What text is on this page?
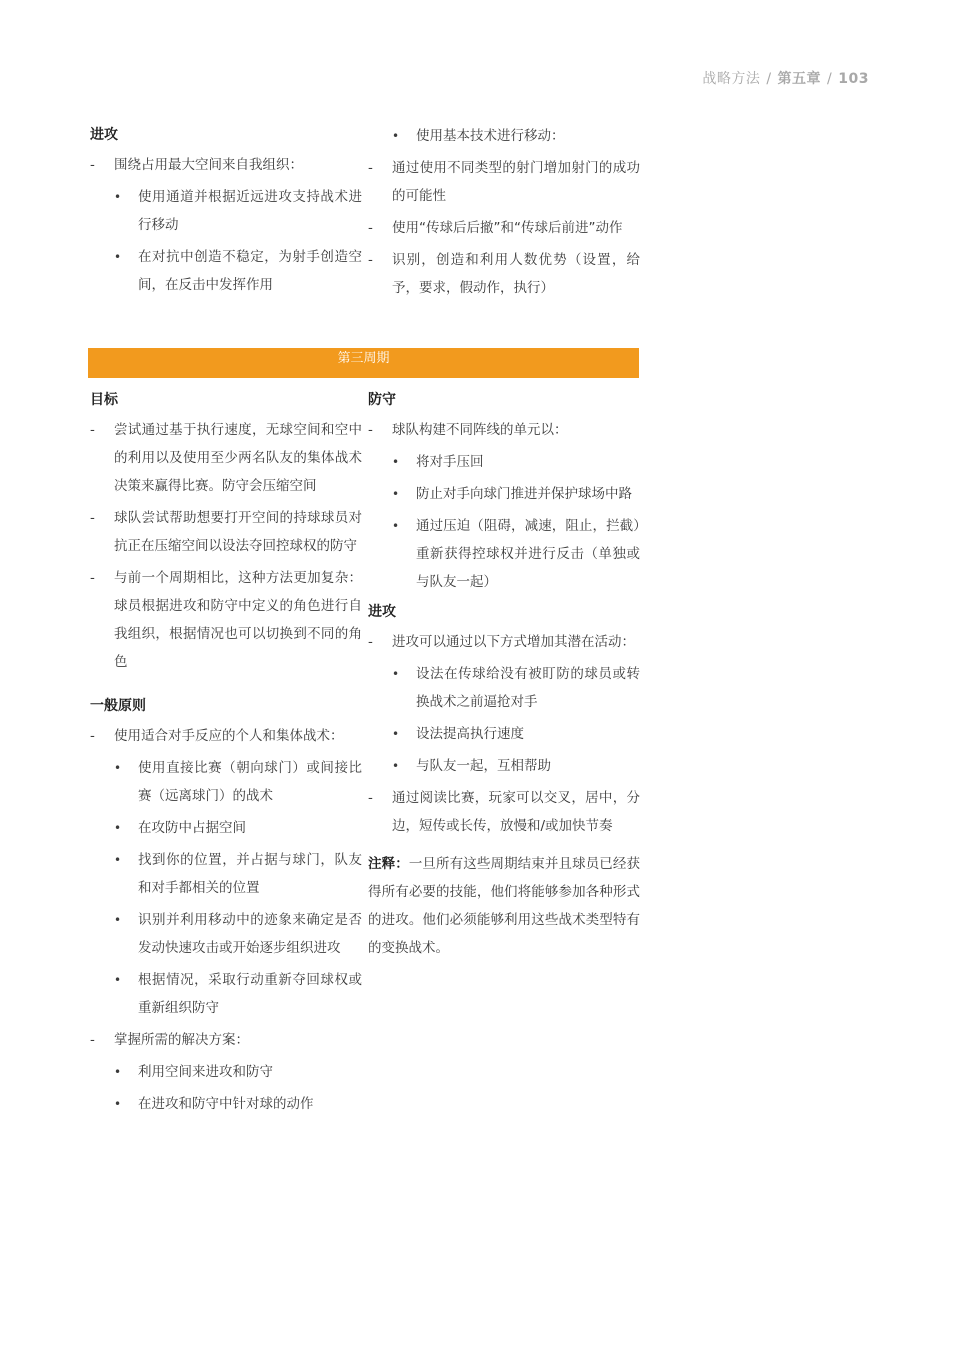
战略方法 / 第五章 / 103
进攻
- 围绕占用最大空间来自我组织：
• 使用通道并根据近远进攻支持战术进行移动
• 在对抗中创造不稳定，为射手创造空间，在反击中发挥作用
• 使用基本技术进行移动：
- 通过使用不同类型的射门增加射门的成功的可能性
- 使用“传球后后撤”和“传球后前进”动作
- 识别，创造和利用人数优势（设置，给予，要求，假动作，执行）
第三周期
目标
- 尝试通过基于执行速度，无球空间和空中的利用以及使用至少两名队友的集体战术决策来赢得比赛。防守会压缩空间
- 球队尝试帮助想要打开空间的持球球员对抗正在压缩空间以设法夺回控球权的防守
- 与前一个周期相比，这种方法更加复杂：球员根据进攻和防守中定义的角色进行自我组织，根据情况也可以切换到不同的角色
一般原则
- 使用适合对手反应的个人和集体战术：
• 使用直接比赛（朝向球门）或间接比赛（远离球门）的战术
• 在攻防中占据空间
• 找到你的位置，并占据与球门，队友和对手都相关的位置
• 识别并利用移动中的迹象来确定是否发动快速攻击或开始逐步组织进攻
• 根据情况，采取行动重新夺回球权或重新组织防守
- 掌握所需的解决方案：
• 利用空间来进攻和防守
• 在进攻和防守中针对球的动作
防守
- 球队构建不同阵线的单元以：
• 将对手压回
• 防止对手向球门推进并保护球场中路
• 通过压迫（阻碍，减速，阻止，拦截）重新获得控球权并进行反击（单独或与队友一起）
进攻
- 进攻可以通过以下方式增加其潜在活动：
• 设法在传球给没有被盯防的球员或转换战术之前逼抢对手
• 设法提高执行速度
• 与队友一起，互相帮助
- 通过阅读比赛，玩家可以交叉，居中，分边，短传或长传，放慢和/或加快节奏
注释：一旦所有这些周期结束并且球员已经获得所有必要的技能，他们将能够参加各种形式的进攻。他们必须能够利用这些战术类型特有的变换战术。
